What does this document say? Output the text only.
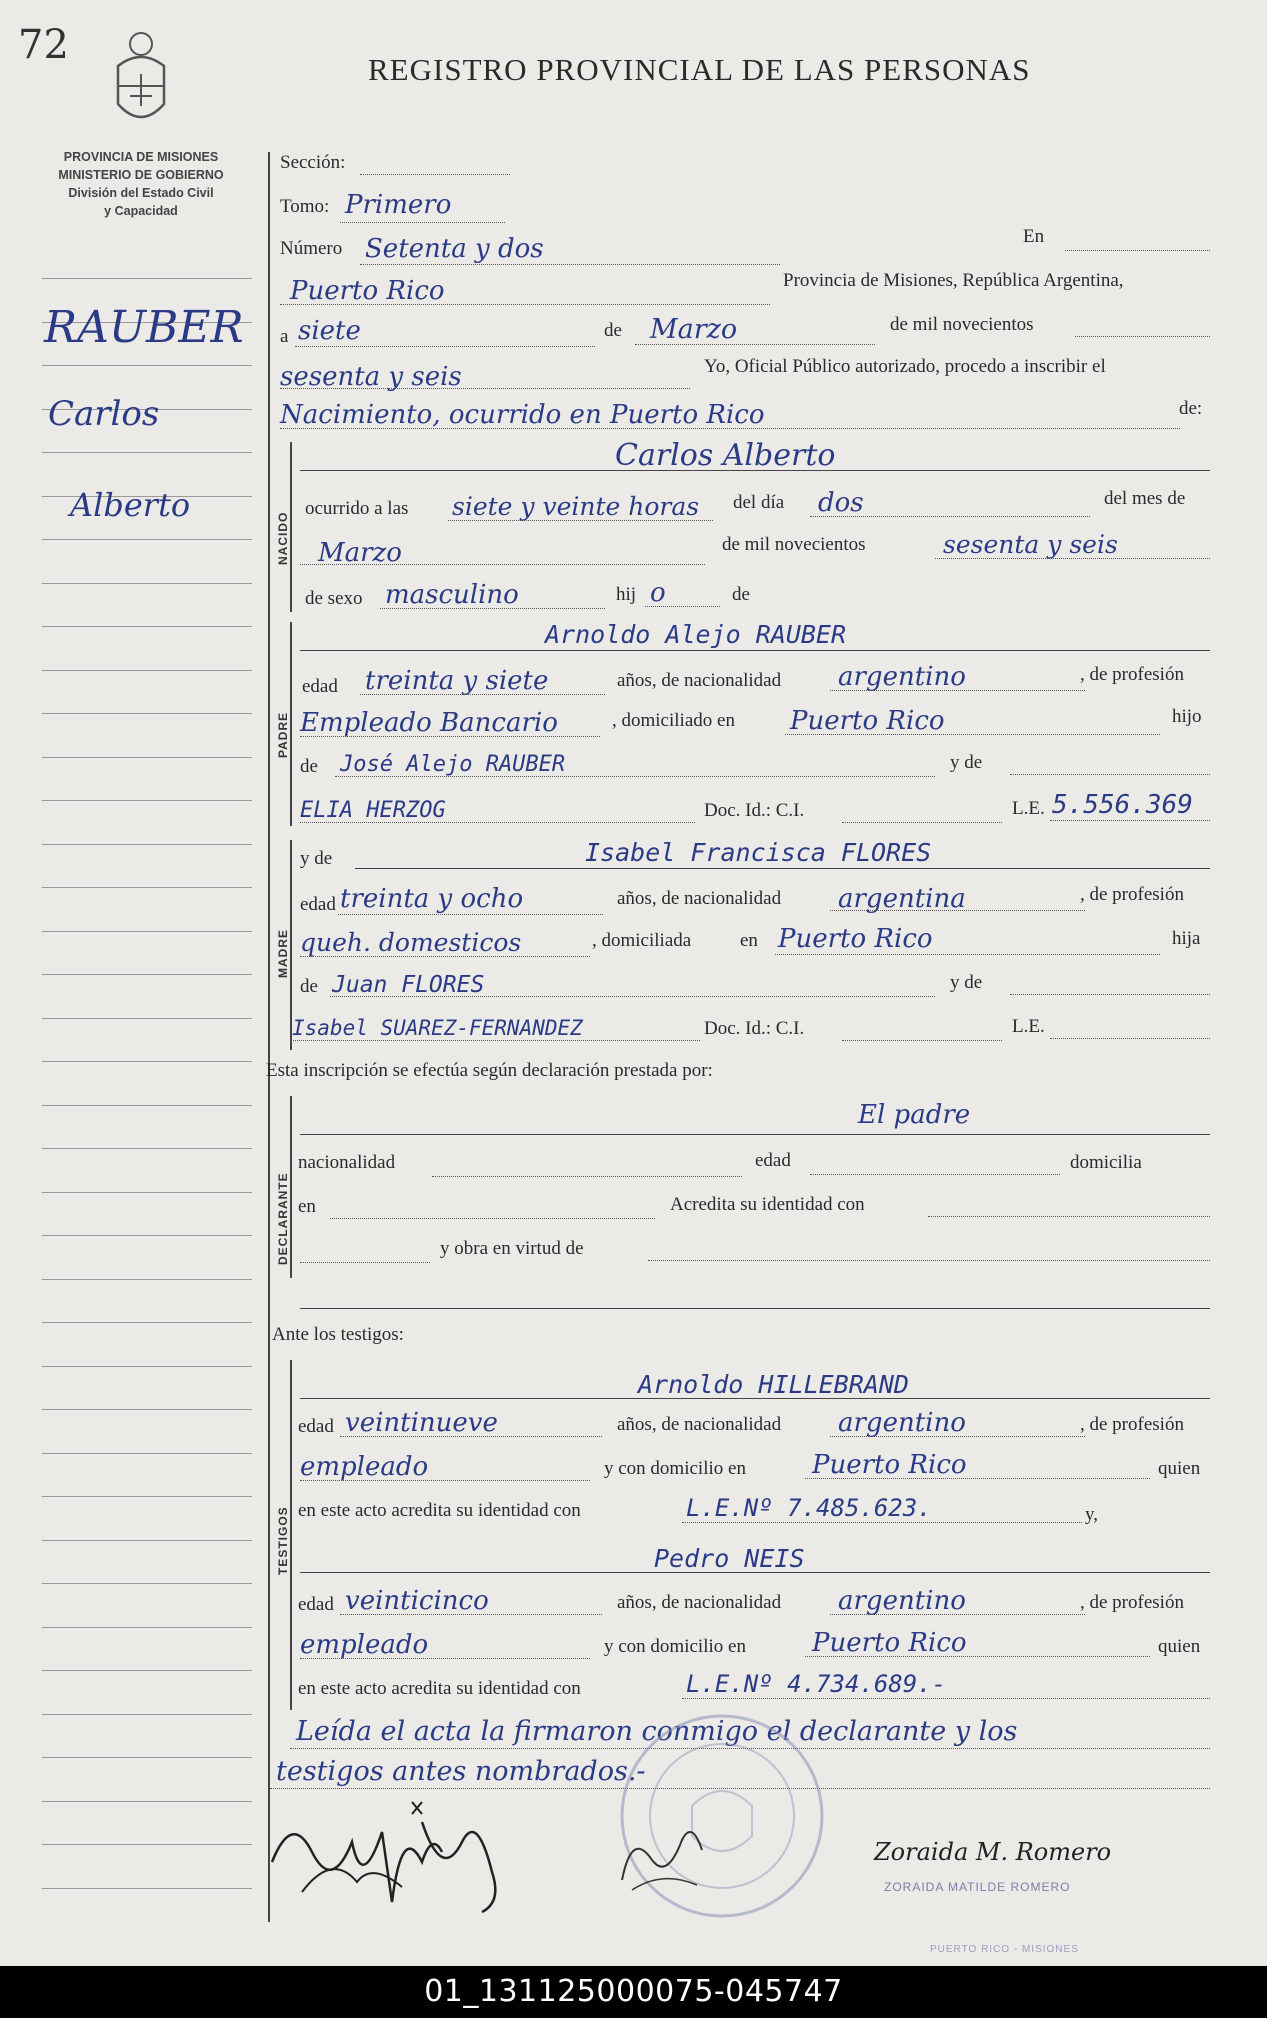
72
REGISTRO PROVINCIAL DE LAS PERSONAS
PROVINCIA DE MISIONES
MINISTERIO DE GOBIERNO
División del Estado Civil
y Capacidad
RAUBER
Carlos
Alberto
Sección:
Tomo: Primero
Número Setenta y dos	En
Puerto Rico	Provincia de Misiones, República Argentina,
a siete	de Marzo	de mil novecientos
sesenta y seis	Yo, Oficial Público autorizado, procedo a inscribir el
Nacimiento, ocurrido en Puerto Rico	de:
NACIDO
Carlos Alberto
ocurrido a las siete y veinte horas del día dos	del mes de
Marzo	de mil novecientos	sesenta y seis
de sexo masculino	hij o	de
PADRE
Arnoldo Alejo RAUBER
edad treinta y siete	años, de nacionalidad argentino	, de profesión
Empleado Bancario	, domiciliado en Puerto Rico	hijo
de José Alejo RAUBER	y de
ELIA HERZOG	Doc. Id.: C.I.	L.E. 5.556.369
MADRE
y de	Isabel Francisca FLORES
edad treinta y ocho	años, de nacionalidad argentina	, de profesión
queh. domesticos	, domiciliada	en Puerto Rico	hija
de Juan FLORES	y de
Isabel SUAREZ-FERNANDEZ	Doc. Id.: C.I.	L.E.
Esta inscripción se efectúa según declaración prestada por:
DECLARANTE
El padre
nacionalidad	edad	domicilia
en	Acredita su identidad con
y obra en virtud de
Ante los testigos:
TESTIGOS
Arnoldo HILLEBRAND
edad veintinueve	años, de nacionalidad argentino	, de profesión
empleado	y con domicilio en	Puerto Rico	quien
en este acto acredita su identidad con	L.E.Nº 7.485.623.	y,
Pedro NEIS
edad veinticinco	años, de nacionalidad argentino	, de profesión
empleado	y con domicilio en	Puerto Rico	quien
en este acto acredita su identidad con	L.E.Nº 4.734.689.-
Leída el acta la firmaron conmigo el declarante y los
testigos antes nombrados.-
Zoraida M. Romero
ZORAIDA MATILDE ROMERO
PUERTO RICO - MISIONES
01_131125000075-045747
